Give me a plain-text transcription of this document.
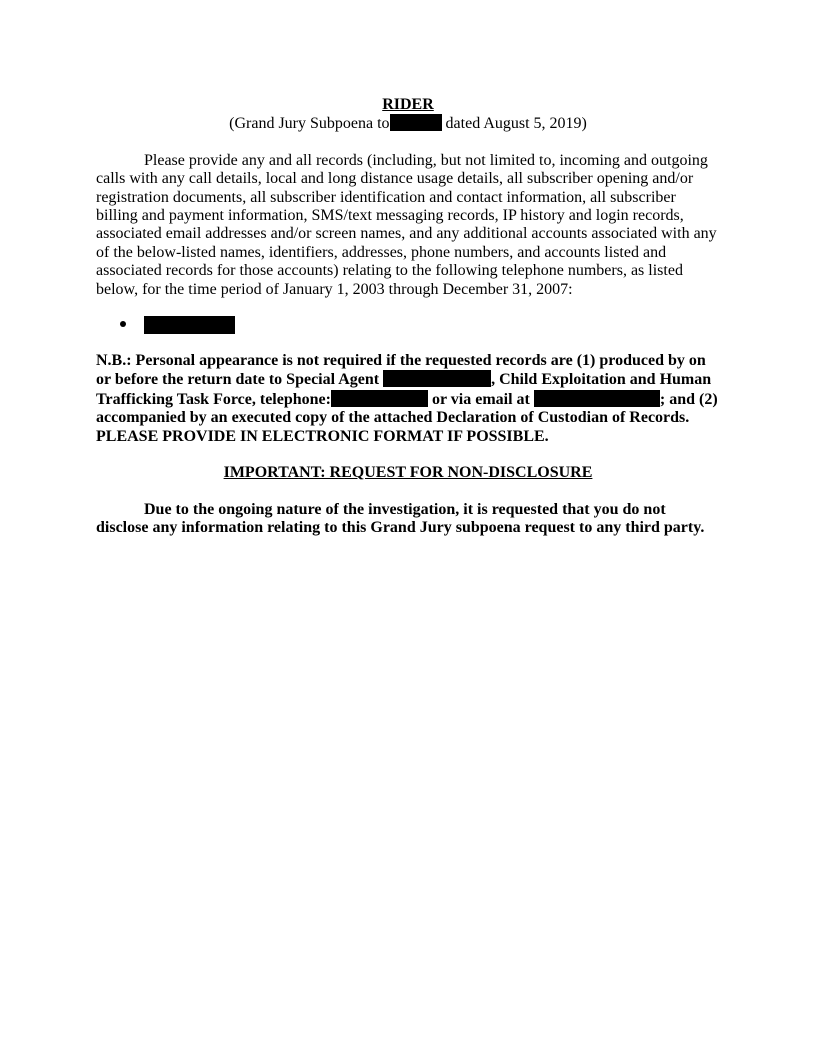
RIDER
(Grand Jury Subpoena to	dated August 5, 2019)

Please provide any and all records (including, but not limited to, incoming and outgoing calls with any call details, local and long distance usage details, all subscriber opening and/or registration documents, all subscriber identification and contact information, all subscriber billing and payment information, SMS/text messaging records, IP history and login records, associated email addresses and/or screen names, and any additional accounts associated with any of the below-listed names, identifiers, addresses, phone numbers, and accounts listed and associated records for those accounts) relating to the following telephone numbers, as listed below, for the time period of January 1, 2003 through December 31, 2007:

N.B.: Personal appearance is not required if the requested records are (1) produced by on or before the return date to Special Agent	, Child Exploitation and Human Trafficking Task Force, telephone:	or via email at	; and (2) accompanied by an executed copy of the attached Declaration of Custodian of Records. PLEASE PROVIDE IN ELECTRONIC FORMAT IF POSSIBLE.

IMPORTANT: REQUEST FOR NON-DISCLOSURE

Due to the ongoing nature of the investigation, it is requested that you do not disclose any information relating to this Grand Jury subpoena request to any third party.
